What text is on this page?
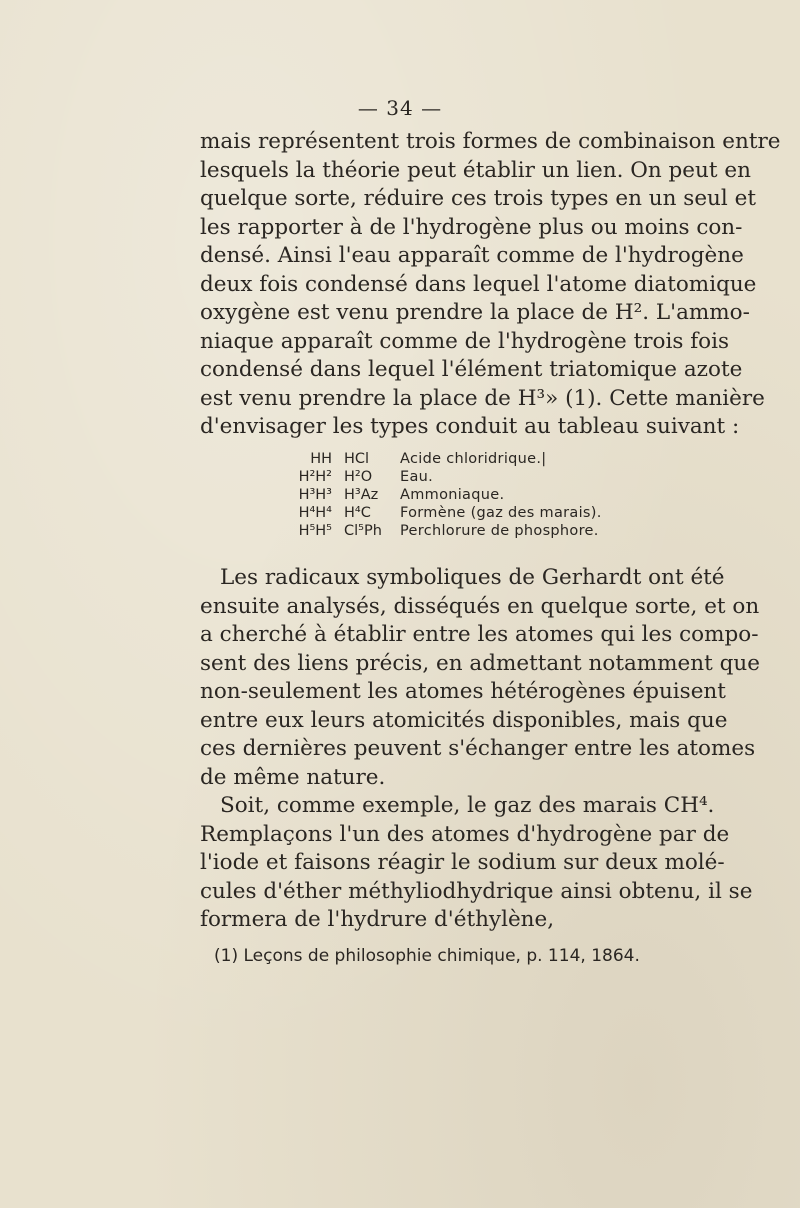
— 34 —
mais représentent trois formes de combinaison entre
lesquels la théorie peut établir un lien. On peut en
quelque sorte, réduire ces trois types en un seul et
les rapporter à de l'hydrogène plus ou moins con-
densé. Ainsi l'eau apparaît comme de l'hydrogène
deux fois condensé dans lequel l'atome diatomique
oxygène est venu prendre la place de H². L'ammo-
niaque apparaît comme de l'hydrogène trois fois
condensé dans lequel l'élément triatomique azote
est venu prendre la place de H³» (1). Cette manière
d'envisager les types conduit au tableau suivant :
HH	HCl	Acide chloridrique.|
H²H²	H²O	Eau.
H³H³	H³Az	Ammoniaque.
H⁴H⁴	H⁴C	Formène (gaz des marais).
H⁵H⁵	Cl⁵Ph	Perchlorure de phosphore.
Les radicaux symboliques de Gerhardt ont été
ensuite analysés, disséqués en quelque sorte, et on
a cherché à établir entre les atomes qui les compo-
sent des liens précis, en admettant notamment que
non-seulement les atomes hétérogènes épuisent
entre eux leurs atomicités disponibles, mais que
ces dernières peuvent s'échanger entre les atomes
de même nature.
Soit, comme exemple, le gaz des marais CH⁴.
Remplaçons l'un des atomes d'hydrogène par de
l'iode et faisons réagir le sodium sur deux molé-
cules d'éther méthyliodhydrique ainsi obtenu, il se
formera de l'hydrure d'éthylène,
(1) Leçons de philosophie chimique, p. 114, 1864.
